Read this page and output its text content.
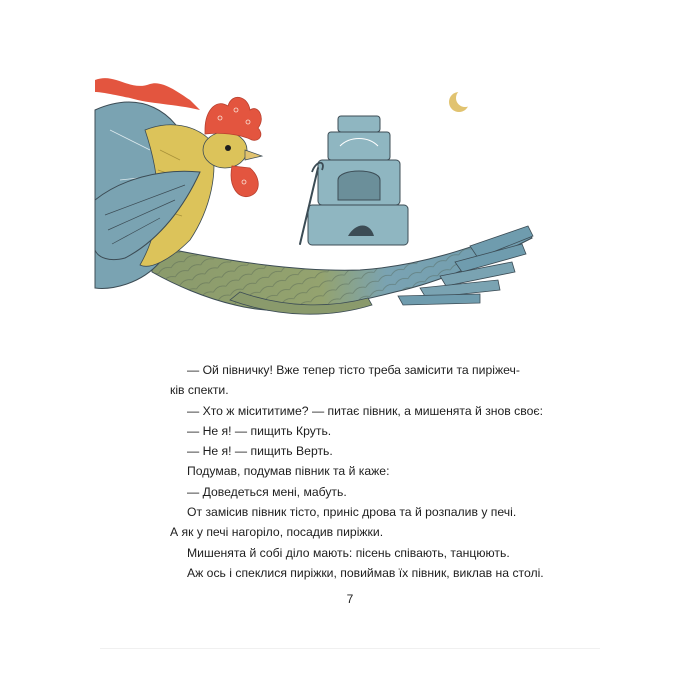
— Ой півничку! Вже тепер тісто треба замісити та пиріжеч-

ків спекти.

— Хто ж місититиме? — питає півник, а мишенята й знов своє:

— Не я! — пищить Круть.

— Не я! — пищить Верть.

Подумав, подумав півник та й каже:

— Доведеться мені, мабуть.

От замісив півник тісто, приніс дрова та й розпалив у печі.

А як у печі нагоріло, посадив пиріжки.

Мишенята й собі діло мають: пісень співають, танцюють.

Аж ось і спеклися пиріжки, повиймав їх півник, виклав на столі.

7
